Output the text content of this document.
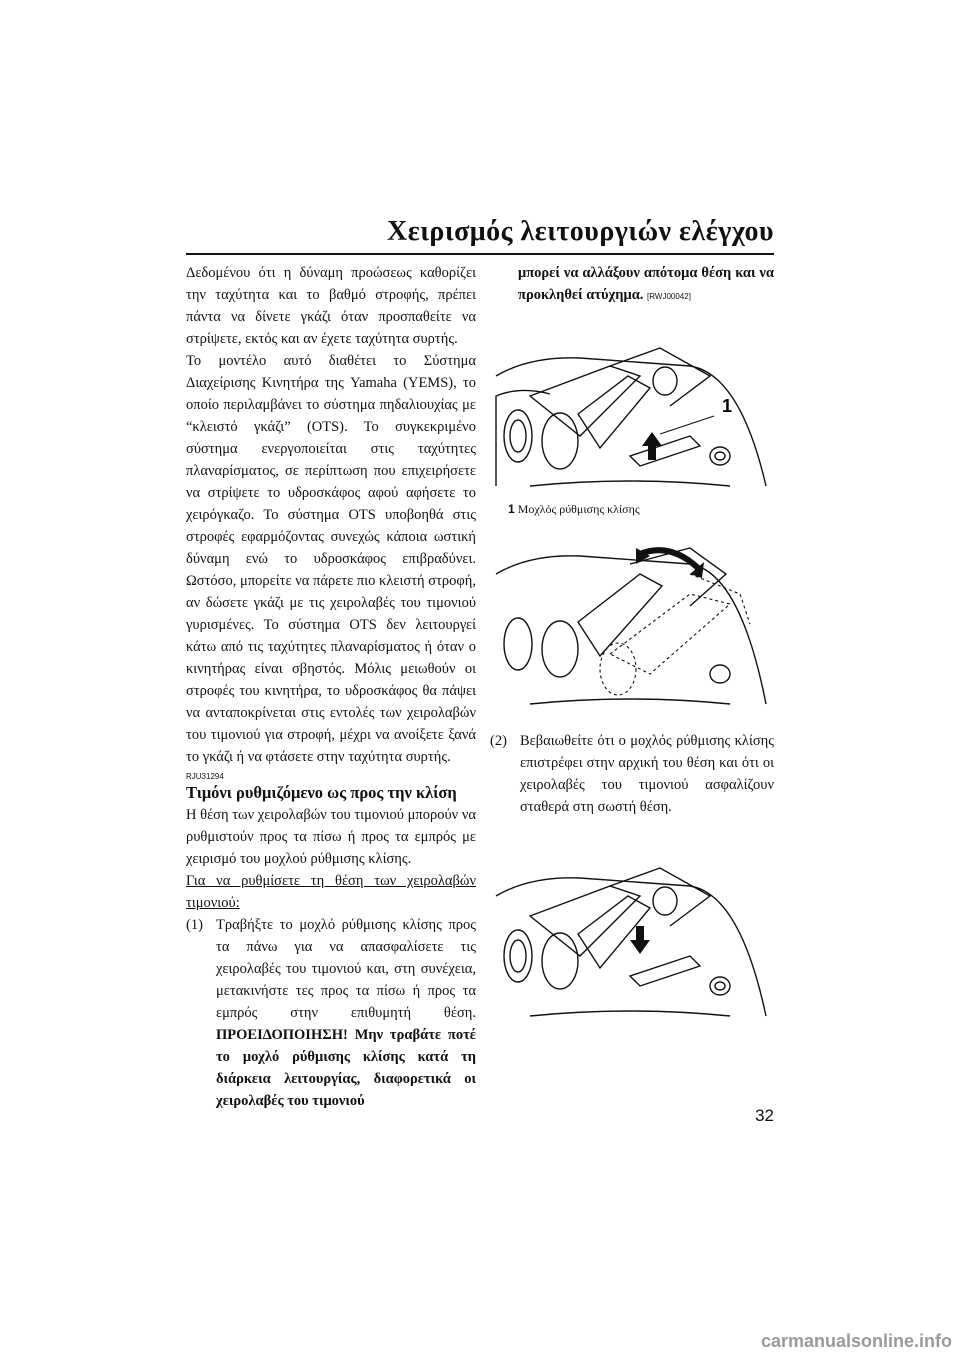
Χειρισμός λειτουργιών ελέγχου

Δεδομένου ότι η δύναμη προώσεως καθορίζει την ταχύτητα και το βαθμό στροφής, πρέπει πάντα να δίνετε γκάζι όταν προσπαθείτε να στρίψετε, εκτός και αν έχετε ταχύτητα συρτής.

Το μοντέλο αυτό διαθέτει το Σύστημα Διαχείρισης Κινητήρα της Yamaha (YEMS), το οποίο περιλαμβάνει το σύστημα πηδαλιουχίας με “κλειστό γκάζι” (OTS). Το συγκεκριμένο σύστημα ενεργοποιείται στις ταχύτητες πλαναρίσματος, σε περίπτωση που επιχειρήσετε να στρίψετε το υδροσκάφος αφού αφήσετε το χειρόγκαζο. Το σύστημα OTS υποβοηθά στις στροφές εφαρμόζοντας συνεχώς κάποια ωστική δύναμη ενώ το υδροσκάφος επιβραδύνει. Ωστόσο, μπορείτε να πάρετε πιο κλειστή στροφή, αν δώσετε γκάζι με τις χειρολαβές του τιμονιού γυρισμένες. Το σύστημα OTS δεν λειτουργεί κάτω από τις ταχύτητες πλαναρίσματος ή όταν ο κινητήρας είναι σβηστός. Μόλις μειωθούν οι στροφές του κινητήρα, το υδροσκάφος θα πάψει να ανταποκρίνεται στις εντολές των χειρολαβών του τιμονιού για στροφή, μέχρι να ανοίξετε ξανά το γκάζι ή να φτάσετε στην ταχύτητα συρτής.

RJU31294
Τιμόνι ρυθμιζόμενο ως προς την κλίση

Η θέση των χειρολαβών του τιμονιού μπορούν να ρυθμιστούν προς τα πίσω ή προς τα εμπρός με χειρισμό του μοχλού ρύθμισης κλίσης.

Για να ρυθμίσετε τη θέση των χειρολαβών τιμονιού:

(1) Τραβήξτε το μοχλό ρύθμισης κλίσης προς τα πάνω για να απασφαλίσετε τις χειρολαβές του τιμονιού και, στη συνέχεια, μετακινήστε τες προς τα πίσω ή προς τα εμπρός στην επιθυμητή θέση. ΠΡΟΕΙΔΟΠΟΙΗΣΗ! Μην τραβάτε ποτέ το μοχλό ρύθμισης κλίσης κατά τη διάρκεια λειτουργίας, διαφορετικά οι χειρολαβές του τιμονιού
μπορεί να αλλάξουν απότομα θέση και να προκληθεί ατύχημα. [RWJ00042]
1
1 Μοχλός ρύθμισης κλίσης
(2) Βεβαιωθείτε ότι ο μοχλός ρύθμισης κλίσης επιστρέφει στην αρχική του θέση και ότι οι χειρολαβές του τιμονιού ασφαλίζουν σταθερά στη σωστή θέση.
32
carmanualsonline.info
